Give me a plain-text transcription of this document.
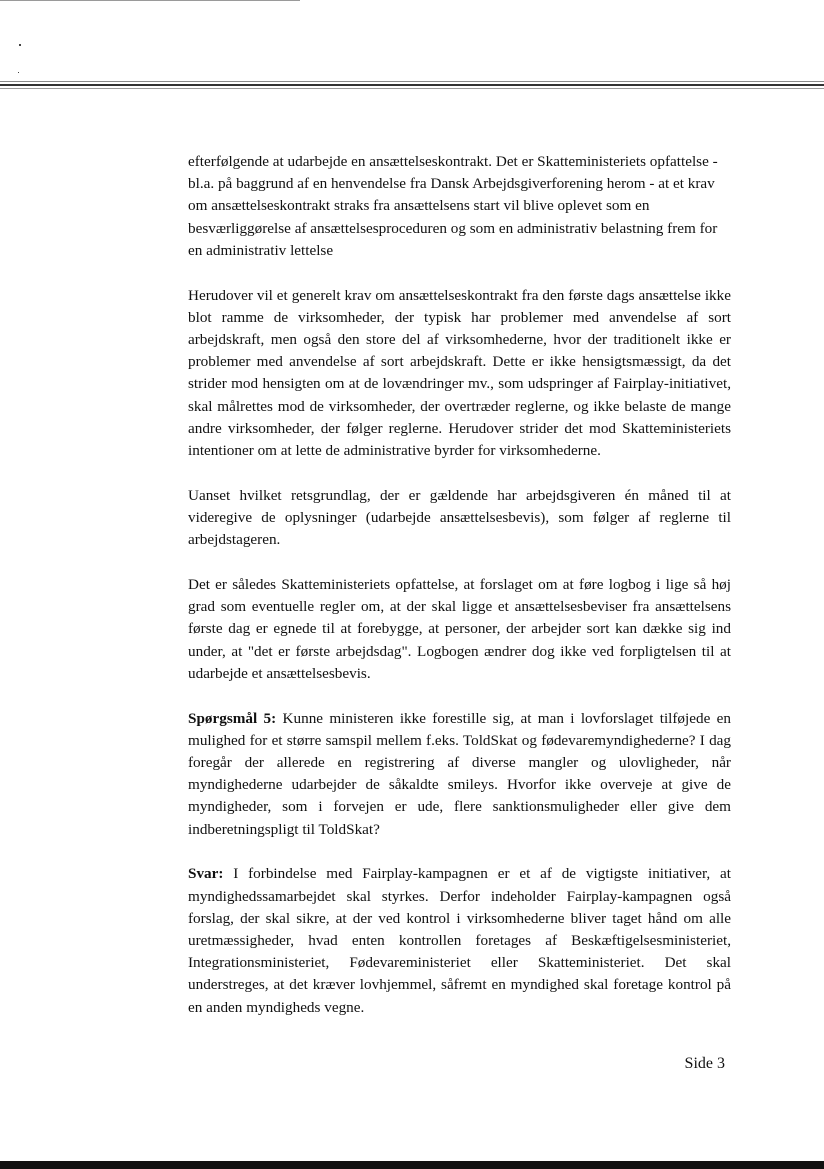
efterfølgende at udarbejde en ansættelseskontrakt. Det er Skatteministeriets opfattelse - bl.a. på baggrund af en henvendelse fra Dansk Arbejdsgiverforening herom - at et krav om ansættelseskontrakt straks fra ansættelsens start vil blive oplevet som en besværliggørelse af ansættelsesproceduren og som en administrativ belastning frem for en administrativ lettelse

Herudover vil et generelt krav om ansættelseskontrakt fra den første dags ansættelse ikke blot ramme de virksomheder, der typisk har problemer med anvendelse af sort arbejdskraft, men også den store del af virksomhederne, hvor der traditionelt ikke er problemer med anvendelse af sort arbejdskraft. Dette er ikke hensigtsmæssigt, da det strider mod hensigten om at de lovændringer mv., som udspringer af Fairplay-initiativet, skal målrettes mod de virksomheder, der overtræder reglerne, og ikke belaste de mange andre virksomheder, der følger reglerne. Herudover strider det mod Skatteministeriets intentioner om at lette de administrative byrder for virksomhederne.

Uanset hvilket retsgrundlag, der er gældende har arbejdsgiveren én måned til at videregive de oplysninger (udarbejde ansættelsesbevis), som følger af reglerne til arbejdstageren.

Det er således Skatteministeriets opfattelse, at forslaget om at føre logbog i lige så høj grad som eventuelle regler om, at der skal ligge et ansættelsesbeviser fra ansættelsens første dag er egnede til at forebygge, at personer, der arbejder sort kan dække sig ind under, at "det er første arbejdsdag". Logbogen ændrer dog ikke ved forpligtelsen til at udarbejde et ansættelsesbevis.

Spørgsmål 5: Kunne ministeren ikke forestille sig, at man i lovforslaget tilføjede en mulighed for et større samspil mellem f.eks. ToldSkat og fødevaremyndighederne? I dag foregår der allerede en registrering af diverse mangler og ulovligheder, når myndighederne udarbejder de såkaldte smileys. Hvorfor ikke overveje at give de myndigheder, som i forvejen er ude, flere sanktionsmuligheder eller give dem indberetningspligt til ToldSkat?

Svar: I forbindelse med Fairplay-kampagnen er et af de vigtigste initiativer, at myndighedssamarbejdet skal styrkes. Derfor indeholder Fairplay-kampagnen også forslag, der skal sikre, at der ved kontrol i virksomhederne bliver taget hånd om alle uretmæssigheder, hvad enten kontrollen foretages af Beskæftigelsesministeriet, Integrationsministeriet, Fødevareministeriet eller Skatteministeriet. Det skal understreges, at det kræver lovhjemmel, såfremt en myndighed skal foretage kontrol på en anden myndigheds vegne.

Side 3
